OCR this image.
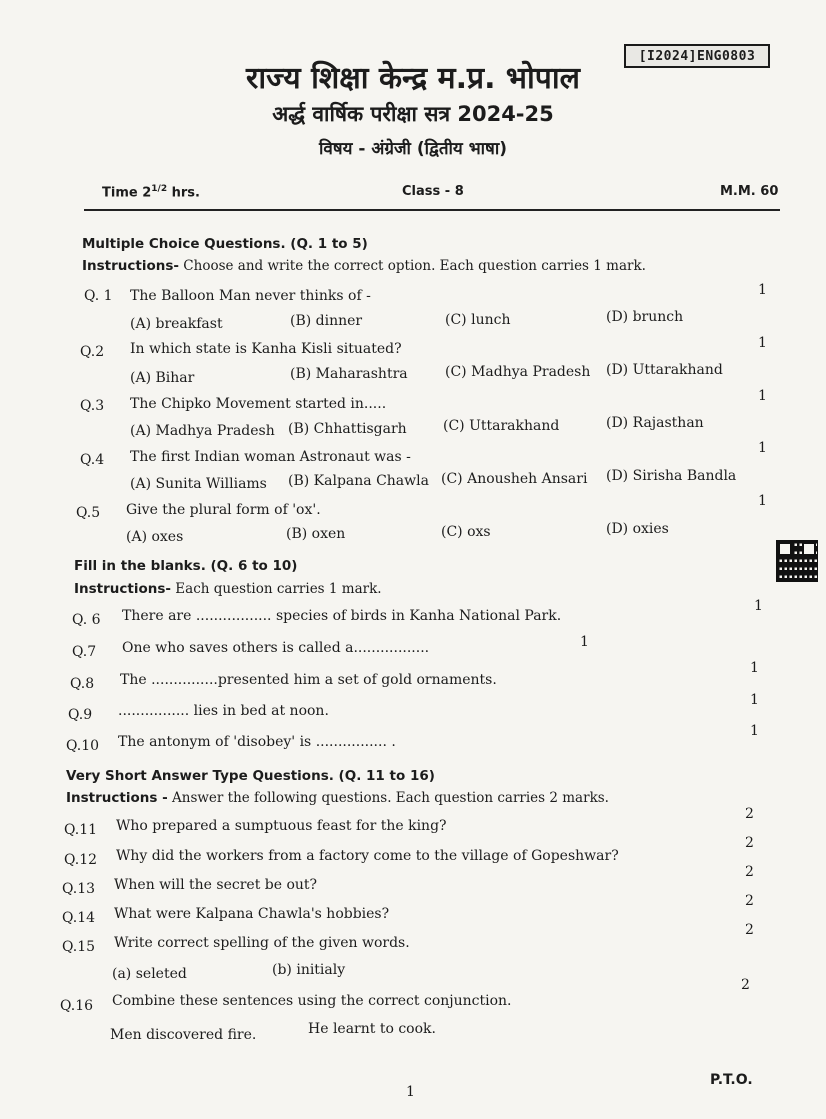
[I2024]ENG0803
राज्य शिक्षा केन्द्र म.प्र. भोपाल
अर्द्ध वार्षिक परीक्षा सत्र 2024-25
विषय - अंग्रेजी (द्वितीय भाषा)
Time $2^{1/2}$ hrs.	Class - 8	M.M. 60
Multiple Choice Questions. (Q. 1 to 5)
Instructions- Choose and write the correct option. Each question carries 1 mark.
Q. 1 The Balloon Man never thinks of -	1
(A) breakfast	(B) dinner	(C) lunch	(D) brunch
Q.2 In which state is Kanha Kisli situated?	1
(A) Bihar	(B) Maharashtra	(C) Madhya Pradesh (D) Uttarakhand
Q.3 The Chipko Movement started in.....	1
(A) Madhya Pradesh (B) Chhattisgarh	(C) Uttarakhand	(D) Rajasthan
Q.4 The first Indian woman Astronaut was -
1
(A) Sunita Williams (B) Kalpana Chawla (C) Anousheh Ansari (D) Sirisha Bandla
Q.5 Give the plural form of 'ox'.
1
(A) oxes	(B) oxen	(C) oxs	(D) oxies
Fill in the blanks. (Q. 6 to 10)
Instructions- Each question carries 1 mark.
Q. 6 There are ................. species of birds in Kanha National Park.
1
Q.7 One who saves others is called a.................	1
Q.8 The ...............presented him a set of gold ornaments.
1
Q.9 ................ lies in bed at noon.
1
Q.10 The antonym of 'disobey' is ................ .
1
Very Short Answer Type Questions. (Q. 11 to 16)
Instructions - Answer the following questions. Each question carries 2 marks.
Q.11 Who prepared a sumptuous feast for the king?
2
Q.12 Why did the workers from a factory come to the village of Gopeshwar?
2
Q.13 When will the secret be out?
2
Q.14 What were Kalpana Chawla's hobbies?
2
Q.15 Write correct spelling of the given words.
2
(a) seleted	(b) initialy
Q.16 Combine these sentences using the correct conjunction.
2
Men discovered fire.	He learnt to cook.
1
P.T.O.
